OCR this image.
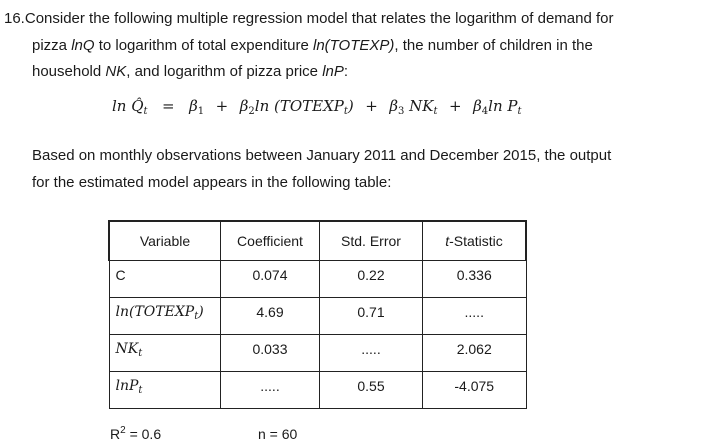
16.Consider the following multiple regression model that relates the logarithm of demand for
pizza lnQ to logarithm of total expenditure ln(TOTEXP), the number of children in the
household NK, and logarithm of pizza price lnP:
$\ln Q̂_t = \beta_1 + \beta_2\ln$ $(TOTEXP_t) + \beta_3$ $NK_t + \beta_4\ln$ $P_t$
Based on monthly observations between January 2011 and December 2015, the output
for the estimated model appears in the following table:
Variable	Coefficient	Std. Error	t-Statistic

C	0.074	0.22	0.336

$\ln(TOTEXP_t)$	4.69	0.71	.....

$NK_t$	0.033	.....	2.062

lnP$_t$	.....	0.55	-4.075
$R^2 = 0.6$	n = 60
